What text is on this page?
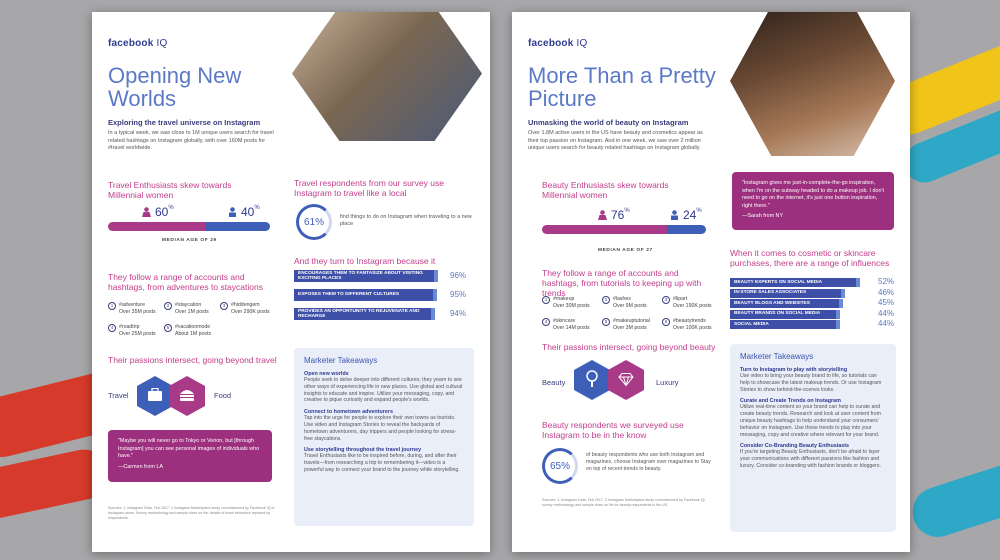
facebook IQ
Opening New Worlds
Exploring the travel universe on Instagram
In a typical week, we saw close to 1M unique users search for travel related hashtags on Instagram globally, with over 160M posts for #travel worldwide.
Travel Enthusiasts skew towards Millennial women
60%	40%
MEDIAN AGE OF 29
They follow a range of accounts and hashtags, from adventures to staycations
1	#adventure
Over 35M posts
2	#staycation
Over 1M posts
3	#hiddengem
Over 290K posts
4	#roadtrip
Over 25M posts
5	#vacationmode
About 1M posts
Their passions intersect, going beyond travel
Travel	Food
"Maybe you will never go to Tokyo or Verion, but [through Instagram] you can see personal images of individuals who have."
—Carmen from LA
Sources: 1. Instagram Data, Feb 2017. 2 Instagram Marketplace study commissioned by Facebook IQ of Instagram users. Survey methodology and sample sizes on file; details of travel behaviour reported by respondents.
Travel respondents from our survey use Instagram to travel like a local
61%	find things to do on Instagram when traveling to a new place
And they turn to Instagram because it
ENCOURAGES THEM TO FANTASIZE ABOUT VISITING EXCITING PLACES	96%
EXPOSES THEM TO DIFFERENT CULTURES	95%
PROVIDES AN OPPORTUNITY TO REJUVENATE AND RECHARGE	94%
Marketer Takeaways
Open new worlds
People seek to delve deeper into different cultures; they yearn to see other ways of experiencing life in new places. Use global and cultural insights to educate and inspire. Utilize your messaging, copy, and creative to pique curiosity and expand people's worlds.
Connect to hometown adventurers
Tap into the urge for people to explore their own towns as tourists. Use video and Instagram Stories to reveal the backyards of hometown adventurers, day trippers and people looking for stress-free staycations.
Use storytelling throughout the travel journey
Travel Enthusiasts like to be inspired before, during, and after their travels—from researching a trip to remembering it—video is a powerful way to connect your brand to the journey while storytelling.
facebook IQ
More Than a Pretty Picture
Unmasking the world of beauty on Instagram
Over 1.8M active users in the US have beauty and cosmetics appear as their top passion on Instagram. And in one week, we saw over 2 million unique users search for beauty related hashtags on Instagram globally.
Beauty Enthusiasts skew towards Millennial women
76%	24%
MEDIAN AGE OF 27
They follow a range of accounts and hashtags, from tutorials to keeping up with trends
1	#makeup
Over 30M posts
2	#lashes
Over 9M posts
3	#lipart
Over 190K posts
4	#skincare
Over 14M posts
5	#makeuptutorial
Over 3M posts
6	#beautytrends
Over 100K posts
Their passions intersect, going beyond beauty
Beauty	Luxury
Beauty respondents we surveyed use Instagram to be in the know
65%
of beauty respondents who use both Instagram and magazines, choose Instagram over magazines to Stay on top of recent trends in beauty.
Sources: 1. Instagram Data, Feb 2017. 2 Instagram Marketplace study commissioned by Facebook IQ; survey methodology and sample sizes on file for beauty respondents in the US.
"Instagram gives me just-in-complete-the-go inspiration, when I'm on the subway headed to do a makeup job. I don't need to go on the internet, it's just one button inspiration, right there."
—Sarah from NY
When it comes to cosmetic or skincare purchases, there are a range of influences
BEAUTY EXPERTS ON SOCIAL MEDIA	52%
IN-STORE SALES ASSOCIATES	46%
BEAUTY BLOGS AND WEBSITES	45%
BEAUTY BRANDS ON SOCIAL MEDIA	44%
SOCIAL MEDIA	44%
Marketer Takeaways
Turn to Instagram to play with storytelling
Use video to bring your beauty brand to life, so tutorials can help to showcase the latest makeup trends. Or use Instagram Stories to show behind-the-scenes looks.
Curate and Create Trends on Instagram
Utilize real-time content so your brand can help to curate and create beauty trends. Research and look at user content from unique beauty hashtags to help understand your consumers' behavior on Instagram. Use those trends to play into your messaging, copy and creative where relevant for your brand.
Consider Co-Branding Beauty Enthusiasts
If you're targeting Beauty Enthusiasts, don't be afraid to layer your communications with different passions like fashion and luxury. Consider co-branding with fashion brands or bloggers.
